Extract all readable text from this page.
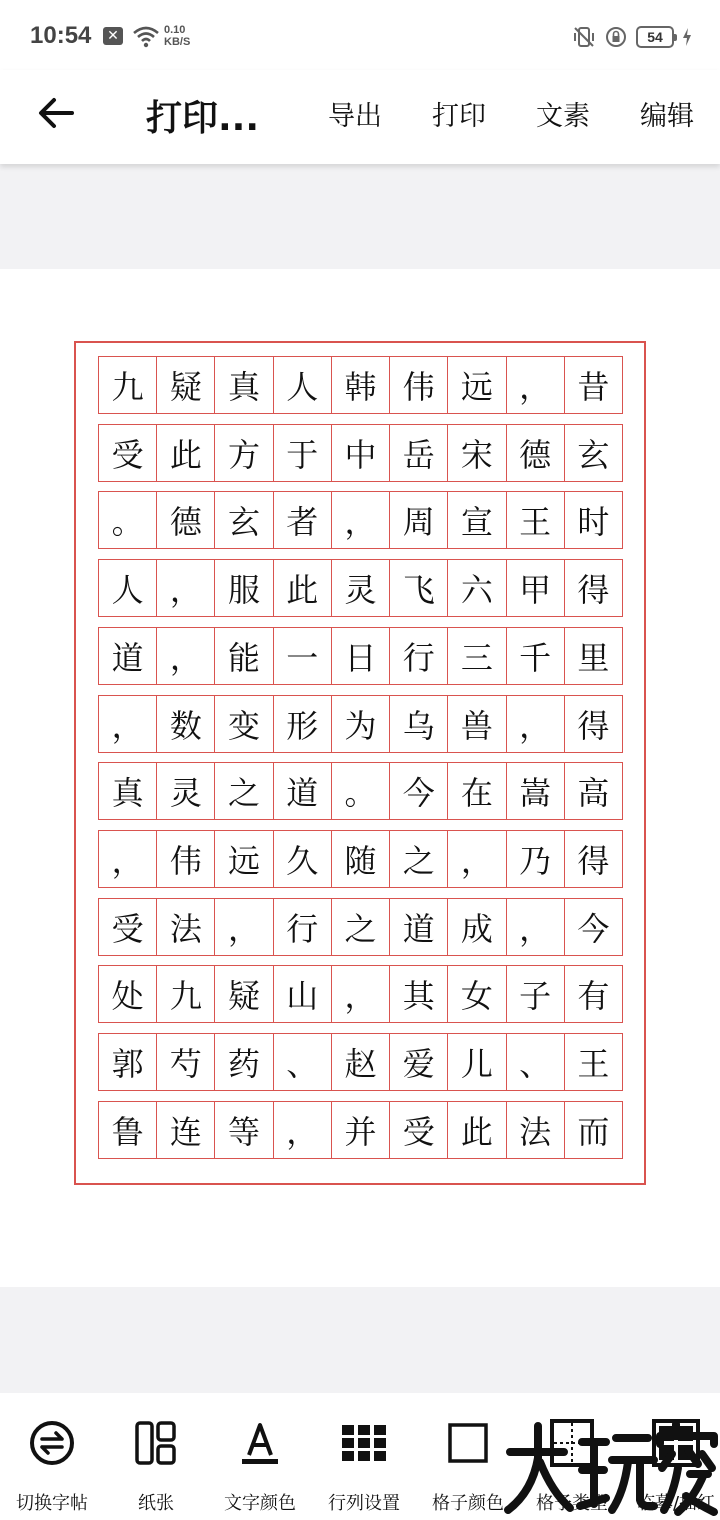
10:54 ✕	0.10
KB/S	54
打印...	导出 打印 文素 编辑
九 疑 真 人 韩 伟 远 ， 昔
受 此 方 于 中 岳 宋 德 玄
。 德 玄 者 ， 周 宣 王 时
人 ， 服 此 灵 飞 六 甲 得
道 ， 能 一 日 行 三 千 里
， 数 变 形 为 乌 兽 ， 得
真 灵 之 道 。 今 在 嵩 高
， 伟 远 久 随 之 ， 乃 得
受 法 ， 行 之 道 成 ， 今
处 九 疑 山 ， 其 女 子 有
郭 芍 药 、 赵 爱 儿 、 王
鲁 连 等 ， 并 受 此 法 而
切换字帖	纸张	文字颜色	行列设置	格子颜色	格子类型	临摹/描红
